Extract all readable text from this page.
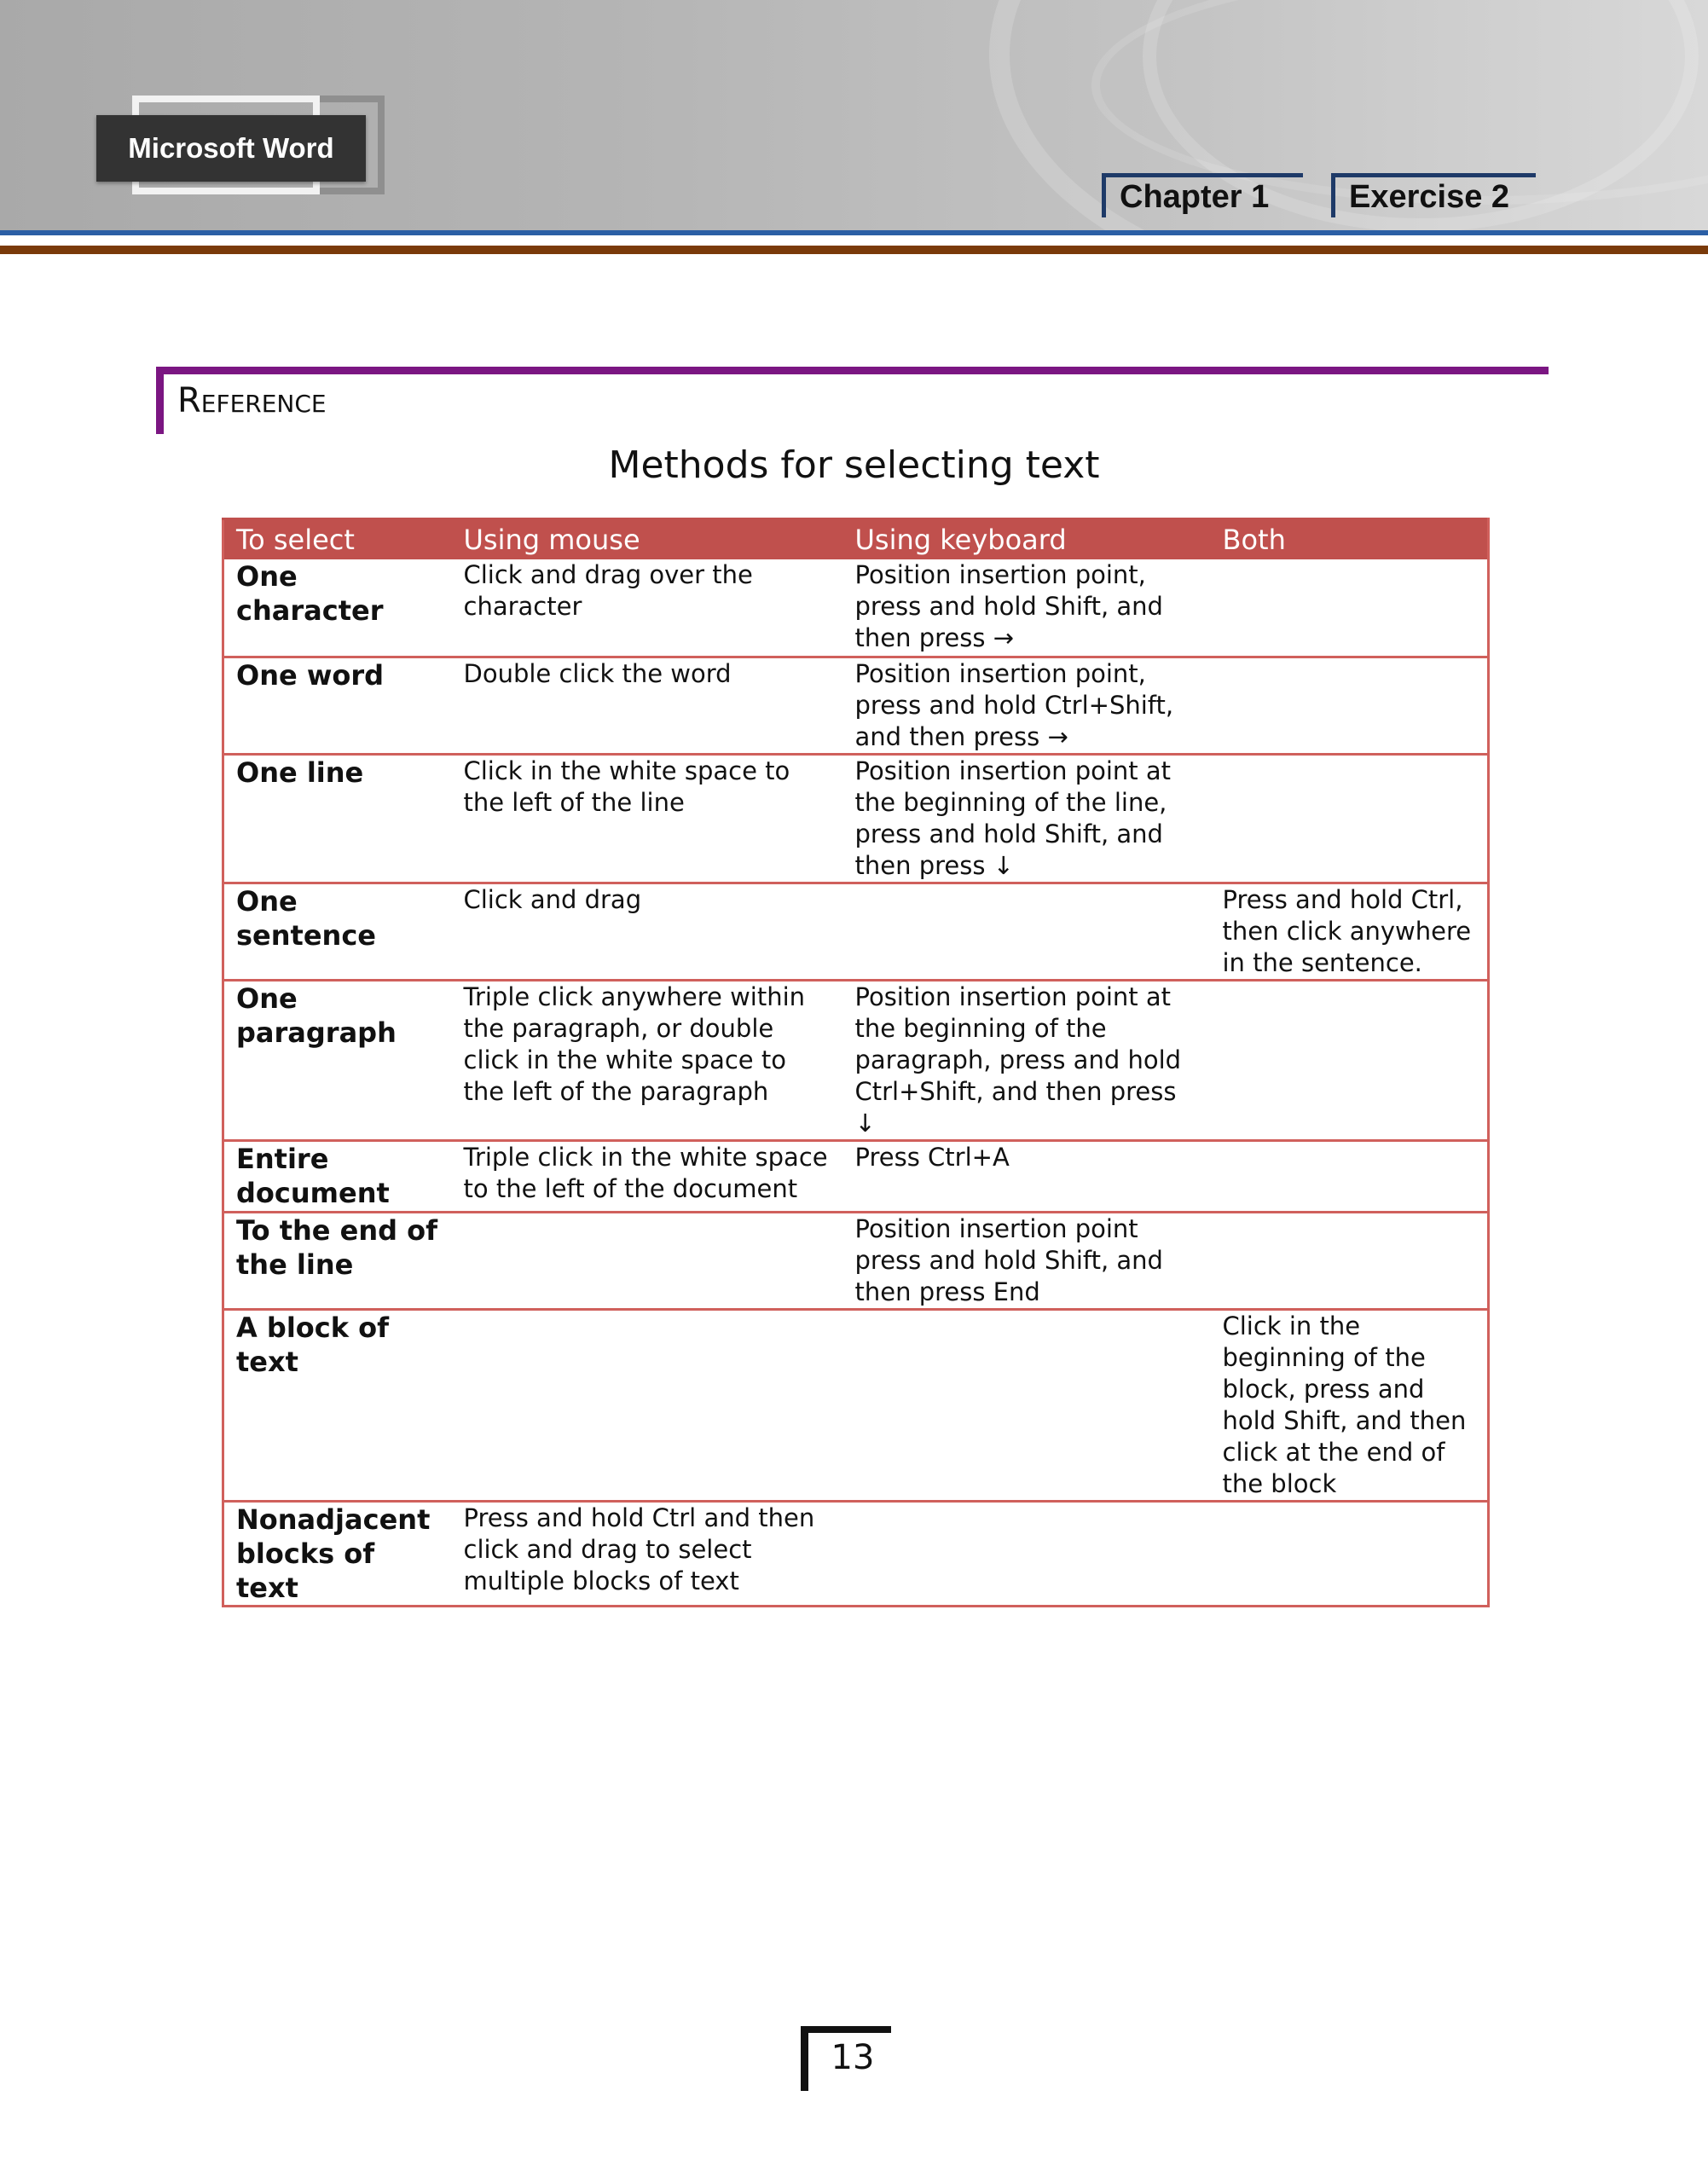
Microsoft Word
Chapter 1	Exercise 2
Reference
Methods for selecting text
To select	Using mouse	Using keyboard	Both
One character	Click and drag over the character	Position insertion point, press and hold Shift, and then press →	
One word	Double click the word	Position insertion point, press and hold Ctrl+Shift, and then press →	
One line	Click in the white space to the left of the line	Position insertion point at the beginning of the line, press and hold Shift, and then press ↓	
One sentence	Click and drag		Press and hold Ctrl, then click anywhere in the sentence.
One paragraph	Triple click anywhere within the paragraph, or double click in the white space to the left of the paragraph	Position insertion point at the beginning of the paragraph, press and hold Ctrl+Shift, and then press ↓	
Entire document	Triple click in the white space to the left of the document	Press Ctrl+A	
To the end of the line		Position insertion point press and hold Shift, and then press End	
A block of text			Click in the beginning of the block, press and hold Shift, and then click at the end of the block
Nonadjacent blocks of text	Press and hold Ctrl and then click and drag to select multiple blocks of text		
13
